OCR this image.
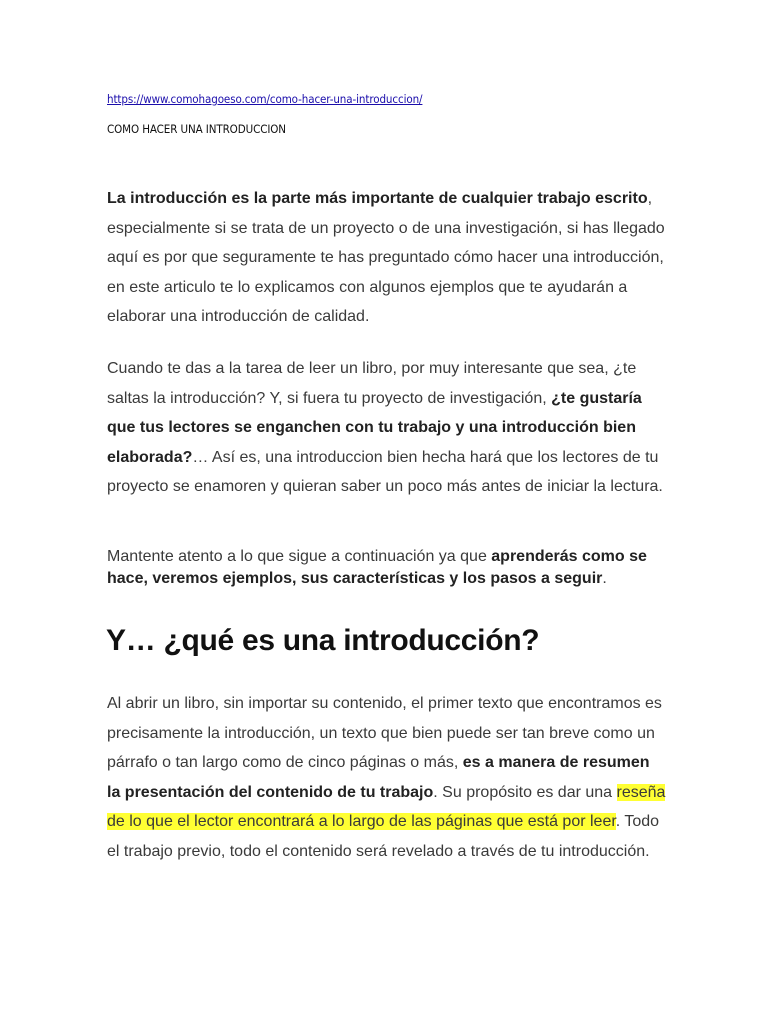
https://www.comohagoeso.com/como-hacer-una-introduccion/
COMO HACER UNA INTRODUCCION

La introducción es la parte más importante de cualquier trabajo escrito, especialmente si se trata de un proyecto o de una investigación, si has llegado aquí es por que seguramente te has preguntado cómo hacer una introducción, en este articulo te lo explicamos con algunos ejemplos que te ayudarán a elaborar una introducción de calidad.

Cuando te das a la tarea de leer un libro, por muy interesante que sea, ¿te saltas la introducción? Y, si fuera tu proyecto de investigación, ¿te gustaría que tus lectores se enganchen con tu trabajo y una introducción bien elaborada?… Así es, una introduccion bien hecha hará que los lectores de tu proyecto se enamoren y quieran saber un poco más antes de iniciar la lectura.

Mantente atento a lo que sigue a continuación ya que aprenderás como se hace, veremos ejemplos, sus características y los pasos a seguir.

Y… ¿qué es una introducción?

Al abrir un libro, sin importar su contenido, el primer texto que encontramos es precisamente la introducción, un texto que bien puede ser tan breve como un párrafo o tan largo como de cinco páginas o más, es a manera de resumen la presentación del contenido de tu trabajo. Su propósito es dar una reseña de lo que el lector encontrará a lo largo de las páginas que está por leer. Todo el trabajo previo, todo el contenido será revelado a través de tu introducción.
